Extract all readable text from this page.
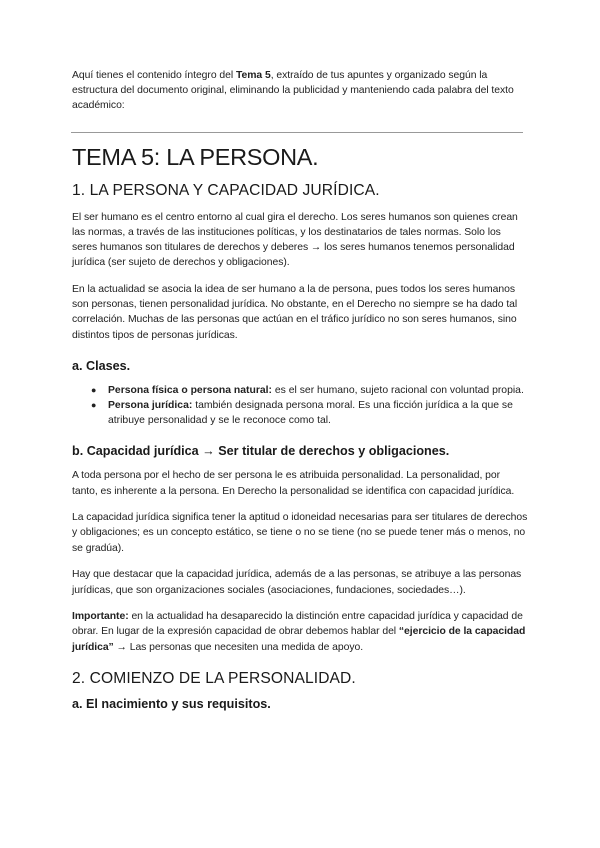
Aquí tienes el contenido íntegro del Tema 5, extraído de tus apuntes y organizado según la estructura del documento original, eliminando la publicidad y manteniendo cada palabra del texto académico:

TEMA 5: LA PERSONA.
1. LA PERSONA Y CAPACIDAD JURÍDICA.

El ser humano es el centro entorno al cual gira el derecho. Los seres humanos son quienes crean las normas, a través de las instituciones políticas, y los destinatarios de tales normas. Solo los seres humanos son titulares de derechos y deberes → los seres humanos tenemos personalidad jurídica (ser sujeto de derechos y obligaciones).

En la actualidad se asocia la idea de ser humano a la de persona, pues todos los seres humanos son personas, tienen personalidad jurídica. No obstante, en el Derecho no siempre se ha dado tal correlación. Muchas de las personas que actúan en el tráfico jurídico no son seres humanos, sino distintos tipos de personas jurídicas.

a. Clases.
● Persona física o persona natural: es el ser humano, sujeto racional con voluntad propia.
● Persona jurídica: también designada persona moral. Es una ficción jurídica a la que se atribuye personalidad y se le reconoce como tal.
b. Capacidad jurídica → Ser titular de derechos y obligaciones.

A toda persona por el hecho de ser persona le es atribuida personalidad. La personalidad, por tanto, es inherente a la persona. En Derecho la personalidad se identifica con capacidad jurídica.

La capacidad jurídica significa tener la aptitud o idoneidad necesarias para ser titulares de derechos y obligaciones; es un concepto estático, se tiene o no se tiene (no se puede tener más o menos, no se gradúa).

Hay que destacar que la capacidad jurídica, además de a las personas, se atribuye a las personas jurídicas, que son organizaciones sociales (asociaciones, fundaciones, sociedades…).

Importante: en la actualidad ha desaparecido la distinción entre capacidad jurídica y capacidad de obrar. En lugar de la expresión capacidad de obrar debemos hablar del “ejercicio de la capacidad jurídica” → Las personas que necesiten una medida de apoyo.

2. COMIENZO DE LA PERSONALIDAD.
a. El nacimiento y sus requisitos.
